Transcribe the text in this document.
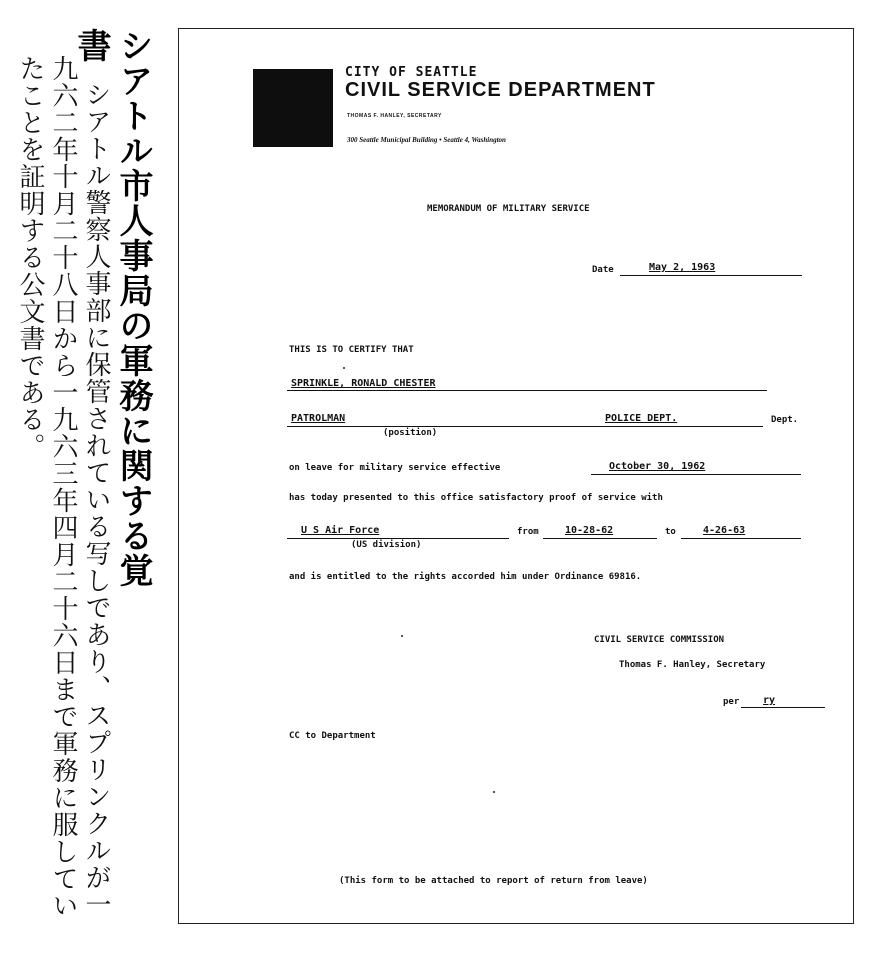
シアトル市人事局の軍務に関する覚書
シアトル警察人事部に保管されている写しであり、スプリンクルが一九六二年十月二十八日から一九六三年四月二十六日まで軍務に服していたことを証明する公文書である。	CITY OF SEATTLE
CIVIL SERVICE DEPARTMENT
THOMAS F. HANLEY, SECRETARY
300 Seattle Municipal Building • Seattle 4, Washington
MEMORANDUM OF MILITARY SERVICE
Date	May 2, 1963
THIS IS TO CERTIFY THAT
SPRINKLE, RONALD CHESTER
PATROLMAN
(position)
POLICE DEPT.	Dept.
on leave for military service effective	October 30, 1962
has today presented to this office satisfactory proof of service with
U S Air Force
(US division)
from	10-28-62	to	4-26-63
and is entitled to the rights accorded him under Ordinance 69816.
CIVIL SERVICE COMMISSION
Thomas F. Hanley, Secretary
per ry
CC to Department
(This form to be attached to report of return from leave)
